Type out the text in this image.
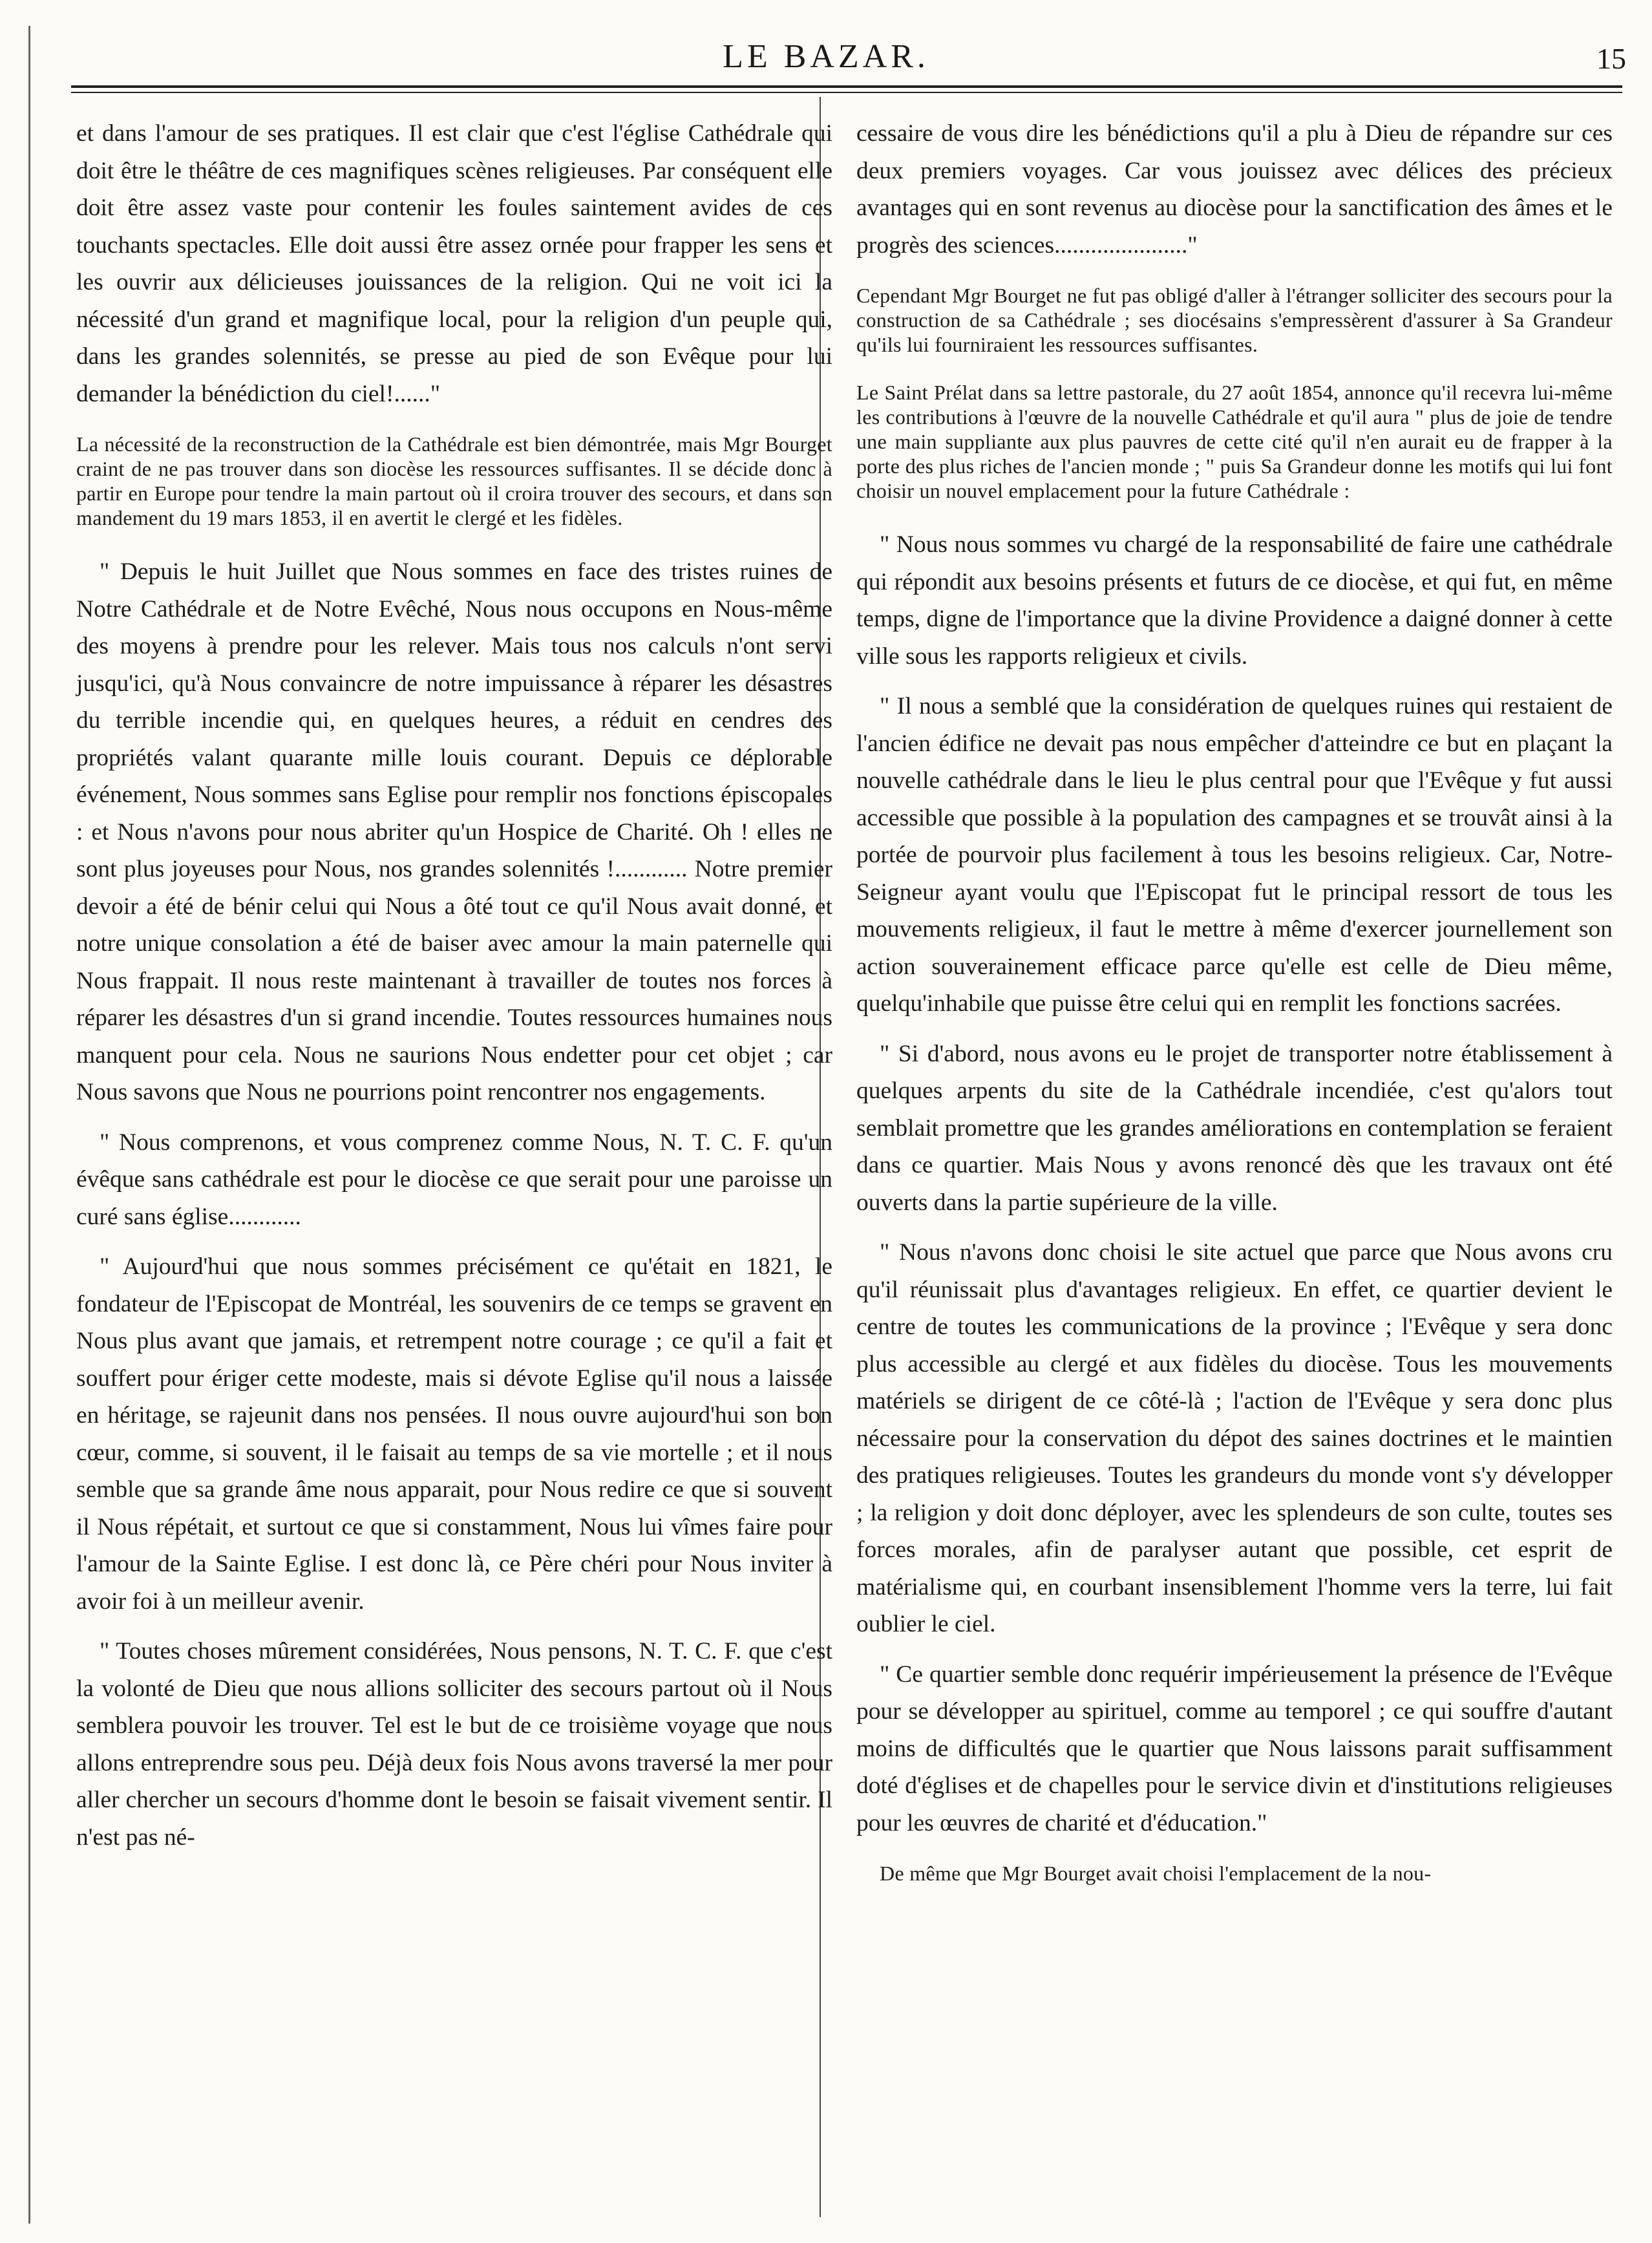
LE BAZAR.	15

et dans l'amour de ses pratiques. Il est clair que c'est l'église Cathédrale qui doit être le théâtre de ces magnifiques scènes religieuses. Par conséquent elle doit être assez vaste pour contenir les foules saintement avides de ces touchants spectacles. Elle doit aussi être assez ornée pour frapper les sens et les ouvrir aux délicieuses jouissances de la religion. Qui ne voit ici la nécessité d'un grand et magnifique local, pour la religion d'un peuple qui, dans les grandes solennités, se presse au pied de son Evêque pour lui demander la bénédiction du ciel!......"

La nécessité de la reconstruction de la Cathédrale est bien démontrée, mais Mgr Bourget craint de ne pas trouver dans son diocèse les ressources suffisantes. Il se décide donc à partir en Europe pour tendre la main partout où il croira trouver des secours, et dans son mandement du 19 mars 1853, il en avertit le clergé et les fidèles.

" Depuis le huit Juillet que Nous sommes en face des tristes ruines de Notre Cathédrale et de Notre Evêché, Nous nous occupons en Nous-même des moyens à prendre pour les relever. Mais tous nos calculs n'ont servi jusqu'ici, qu'à Nous convaincre de notre impuissance à réparer les désastres du terrible incendie qui, en quelques heures, a réduit en cendres des propriétés valant quarante mille louis courant. Depuis ce déplorable événement, Nous sommes sans Eglise pour remplir nos fonctions épiscopales : et Nous n'avons pour nous abriter qu'un Hospice de Charité. Oh ! elles ne sont plus joyeuses pour Nous, nos grandes solennités !............ Notre premier devoir a été de bénir celui qui Nous a ôté tout ce qu'il Nous avait donné, et notre unique consolation a été de baiser avec amour la main paternelle qui Nous frappait. Il nous reste maintenant à travailler de toutes nos forces à réparer les désastres d'un si grand incendie. Toutes ressources humaines nous manquent pour cela. Nous ne saurions Nous endetter pour cet objet ; car Nous savons que Nous ne pourrions point rencontrer nos engagements.

" Nous comprenons, et vous comprenez comme Nous, N. T. C. F. qu'un évêque sans cathédrale est pour le diocèse ce que serait pour une paroisse un curé sans église............

" Aujourd'hui que nous sommes précisément ce qu'était en 1821, le fondateur de l'Episcopat de Montréal, les souvenirs de ce temps se gravent en Nous plus avant que jamais, et retrempent notre courage ; ce qu'il a fait et souffert pour ériger cette modeste, mais si dévote Eglise qu'il nous a laissée en héritage, se rajeunit dans nos pensées. Il nous ouvre aujourd'hui son bon cœur, comme, si souvent, il le faisait au temps de sa vie mortelle ; et il nous semble que sa grande âme nous apparait, pour Nous redire ce que si souvent il Nous répétait, et surtout ce que si constamment, Nous lui vîmes faire pour l'amour de la Sainte Eglise. I est donc là, ce Père chéri pour Nous inviter à avoir foi à un meilleur avenir.

" Toutes choses mûrement considérées, Nous pensons, N. T. C. F. que c'est la volonté de Dieu que nous allions solliciter des secours partout où il Nous semblera pouvoir les trouver. Tel est le but de ce troisième voyage que nous allons entreprendre sous peu. Déjà deux fois Nous avons traversé la mer pour aller chercher un secours d'homme dont le besoin se faisait vivement sentir. Il n'est pas né-

cessaire de vous dire les bénédictions qu'il a plu à Dieu de répandre sur ces deux premiers voyages. Car vous jouissez avec délices des précieux avantages qui en sont revenus au diocèse pour la sanctification des âmes et le progrès des sciences......................"

Cependant Mgr Bourget ne fut pas obligé d'aller à l'étranger solliciter des secours pour la construction de sa Cathédrale ; ses diocésains s'empressèrent d'assurer à Sa Grandeur qu'ils lui fourniraient les ressources suffisantes.

Le Saint Prélat dans sa lettre pastorale, du 27 août 1854, annonce qu'il recevra lui-même les contributions à l'œuvre de la nouvelle Cathédrale et qu'il aura " plus de joie de tendre une main suppliante aux plus pauvres de cette cité qu'il n'en aurait eu de frapper à la porte des plus riches de l'ancien monde ; " puis Sa Grandeur donne les motifs qui lui font choisir un nouvel emplacement pour la future Cathédrale :

" Nous nous sommes vu chargé de la responsabilité de faire une cathédrale qui répondit aux besoins présents et futurs de ce diocèse, et qui fut, en même temps, digne de l'importance que la divine Providence a daigné donner à cette ville sous les rapports religieux et civils.

" Il nous a semblé que la considération de quelques ruines qui restaient de l'ancien édifice ne devait pas nous empêcher d'atteindre ce but en plaçant la nouvelle cathédrale dans le lieu le plus central pour que l'Evêque y fut aussi accessible que possible à la population des campagnes et se trouvât ainsi à la portée de pourvoir plus facilement à tous les besoins religieux. Car, Notre-Seigneur ayant voulu que l'Episcopat fut le principal ressort de tous les mouvements religieux, il faut le mettre à même d'exercer journellement son action souverainement efficace parce qu'elle est celle de Dieu même, quelqu'inhabile que puisse être celui qui en remplit les fonctions sacrées.

" Si d'abord, nous avons eu le projet de transporter notre établissement à quelques arpents du site de la Cathédrale incendiée, c'est qu'alors tout semblait promettre que les grandes améliorations en contemplation se feraient dans ce quartier. Mais Nous y avons renoncé dès que les travaux ont été ouverts dans la partie supérieure de la ville.

" Nous n'avons donc choisi le site actuel que parce que Nous avons cru qu'il réunissait plus d'avantages religieux. En effet, ce quartier devient le centre de toutes les communications de la province ; l'Evêque y sera donc plus accessible au clergé et aux fidèles du diocèse. Tous les mouvements matériels se dirigent de ce côté-là ; l'action de l'Evêque y sera donc plus nécessaire pour la conservation du dépot des saines doctrines et le maintien des pratiques religieuses. Toutes les grandeurs du monde vont s'y développer ; la religion y doit donc déployer, avec les splendeurs de son culte, toutes ses forces morales, afin de paralyser autant que possible, cet esprit de matérialisme qui, en courbant insensiblement l'homme vers la terre, lui fait oublier le ciel.

" Ce quartier semble donc requérir impérieusement la présence de l'Evêque pour se développer au spirituel, comme au temporel ; ce qui souffre d'autant moins de difficultés que le quartier que Nous laissons parait suffisamment doté d'églises et de chapelles pour le service divin et d'institutions religieuses pour les œuvres de charité et d'éducation."

De même que Mgr Bourget avait choisi l'emplacement de la nou-
